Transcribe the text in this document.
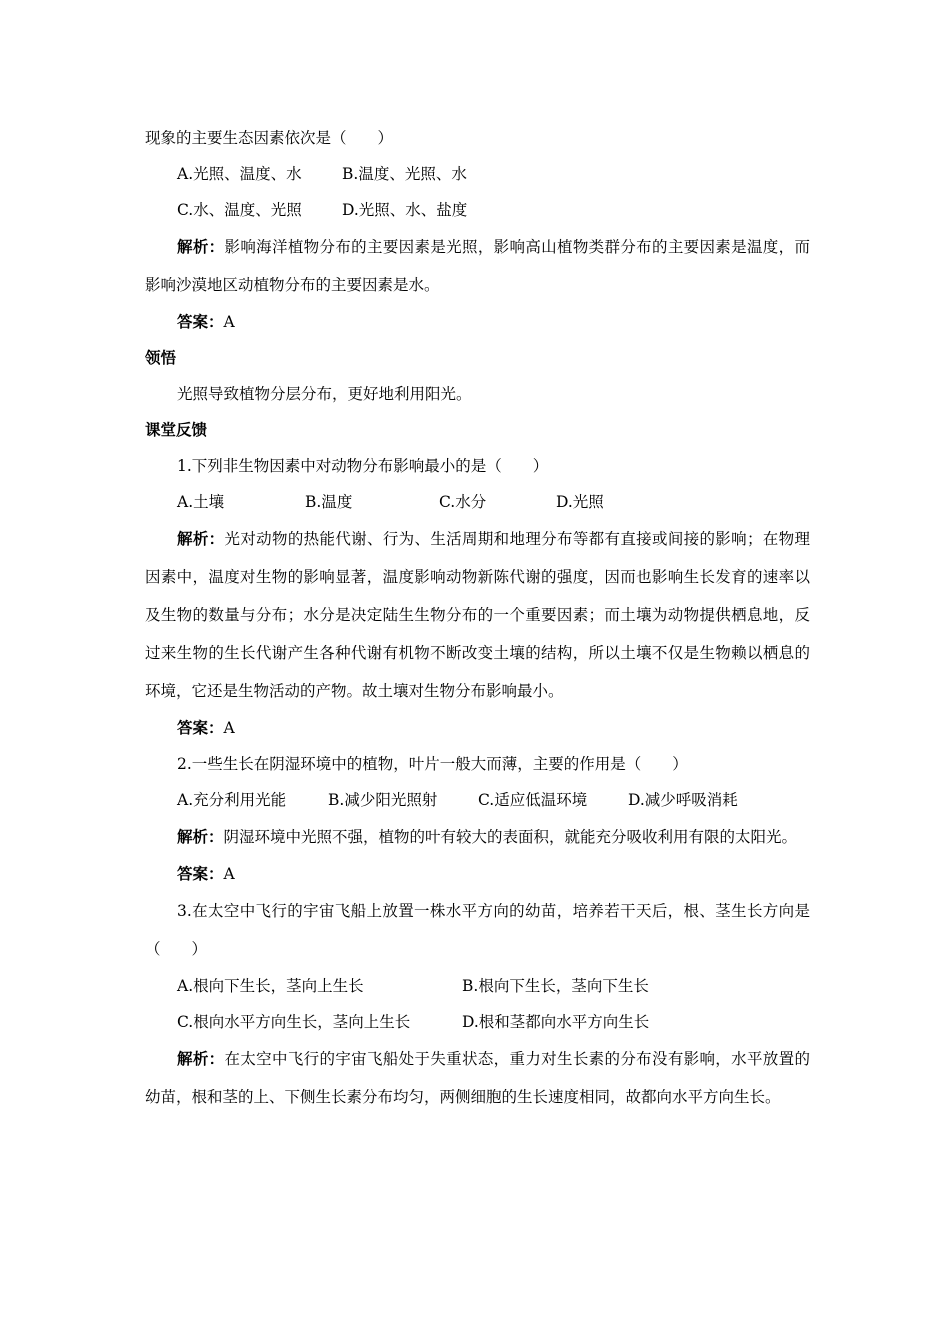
现象的主要生态因素依次是（　　）
A.光照、温度、水	B.温度、光照、水
C.水、温度、光照	D.光照、水、盐度
解析：影响海洋植物分布的主要因素是光照，影响高山植物类群分布的主要因素是温度，而影响沙漠地区动植物分布的主要因素是水。
答案：A
领悟
光照导致植物分层分布，更好地利用阳光。
课堂反馈
1.下列非生物因素中对动物分布影响最小的是（　　）
A.土壤	B.温度	C.水分	D.光照
解析：光对动物的热能代谢、行为、生活周期和地理分布等都有直接或间接的影响；在物理因素中，温度对生物的影响显著，温度影响动物新陈代谢的强度，因而也影响生长发育的速率以及生物的数量与分布；水分是决定陆生生物分布的一个重要因素；而土壤为动物提供栖息地，反过来生物的生长代谢产生各种代谢有机物不断改变土壤的结构，所以土壤不仅是生物赖以栖息的环境，它还是生物活动的产物。故土壤对生物分布影响最小。
答案：A
2.一些生长在阴湿环境中的植物，叶片一般大而薄，主要的作用是（　　）
A.充分利用光能	B.减少阳光照射	C.适应低温环境	D.减少呼吸消耗
解析：阴湿环境中光照不强，植物的叶有较大的表面积，就能充分吸收利用有限的太阳光。
答案：A
3.在太空中飞行的宇宙飞船上放置一株水平方向的幼苗，培养若干天后，根、茎生长方向是（　　）
A.根向下生长，茎向上生长	B.根向下生长，茎向下生长
C.根向水平方向生长，茎向上生长	D.根和茎都向水平方向生长
解析：在太空中飞行的宇宙飞船处于失重状态，重力对生长素的分布没有影响，水平放置的幼苗，根和茎的上、下侧生长素分布均匀，两侧细胞的生长速度相同，故都向水平方向生长。
